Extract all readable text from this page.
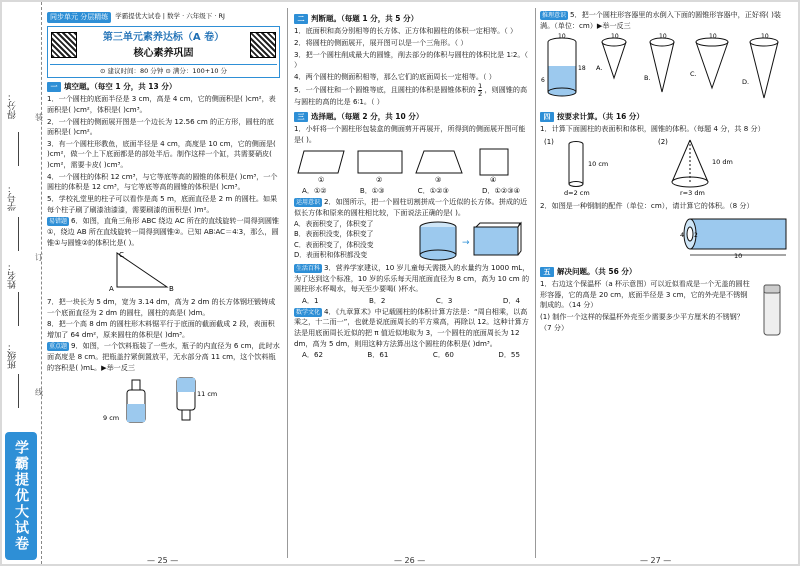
得分：
学号：
姓名：
班级：
装
订
线
学霸提优大试卷
同步单元 分层精练	学霸提优大试卷 | 数学 · 六年级下 · RJ
第三单元素养达标（A 卷）
核心素养巩固
⊙ 建议时间：80 分钟 ⊙ 满分：100+10 分
一 填空题。（每空 1 分，共 13 分）
1．一个圆柱的底面半径是 3 cm，高是 4 cm，它的侧面积是( )cm²，表面积是( )cm²，体积是( )cm³。
2．一个圆柱的侧面展开图是一个边长为 12.56 cm 的正方形，圆柱的底面积是( )cm²。
3．有一个圆柱形教鱼，底面半径是 4 cm，高度是 10 cm，它的侧面是( )cm²，做一个上下底面都是的部处半后。制作这样一个缸，共需要硝皮( )cm²，需要卡皮( )cm³。
4．一个圆柱的体积 12 cm³，与它等底等高的圆锥的体积是( )cm³，一个圆柱的体积是 12 cm³，与它等底等高的圆锥的体积是( )cm³。
5．学校礼堂里的柱子可以看作是高 5 m，底面直径是 2 m 的圆柱。如果每个柱子刷了刷漆油漆漆，需要刷漆的面积是( )m²。
易错题 6．如图，直角三角形 ABC 绕边 AC 所在的直线旋转一周得到圆锥①，绕边 AB 所在直线旋转一周得到圆锥②。已知 AB∶AC＝4∶3，那么，圆锥①与圆锥②的体积比是( )。
C
A	B
7．把一块长为 5 dm，宽为 3.14 dm，高为 2 dm 的长方体钢坯锻铸成一个底面直径为 2 dm 的圆柱，圆柱的高是( )dm。
8．把一个高 8 dm 的圆柱形木料锯平行于底面的截面截成 2 段，表面积增加了 64 dm²，原来圆柱的体积是( )dm³。
重点题 9．如图，一个饮料瓶装了一些水，瓶子的内直径为 6 cm，此时水面高度是 8 cm。把瓶盖拧紧倒置放平，无水部分高 11 cm，这个饮料瓶的容积是( )mL。▶举一反三
11 cm
9 cm
— 25 —
二 判断题。（每题 1 分，共 5 分）
1．底面积和高分别相等的长方体、正方体和圆柱的体积一定相等。（ ）
2．将圆柱的侧面展开，展开图可以是一个三角形。（ ）
3．把一个圆柱削成最大的圆锥，削去部分的体积与圆柱的体积比是 1∶2。（ ）
4．两个圆柱的侧面积相等，那么它们的底面周长一定相等。（ ）
5．一个圆柱和一个圆锥等底，且圆柱的体积是圆锥体积的 $\frac{1}{2}$ ，则圆锥的高与圆柱的高的比是 6∶1。（ ）
三 选择题。（每题 2 分，共 10 分）
1．小轩将一个圆柱形包装盒的侧面剪开再展开，所得到的侧面展开图可能是( )。
①	②	③	④
A．①②	B．①③	C．①②③	D．①②③④
运用意识 2．如图所示，把一个圆柱切割拼成一个近似的长方体。拼成的近似长方体和原来的圆柱相比较，下面说法正确的是( )。
A．表面积变了，体积变了
B．表面积没变，体积变了
C．表面积变了，体积没变
D．表面积和体积都没变
→
生活百科 3．营养学家建议，10 岁儿童每天需摄入的水量约为 1000 mL，为了达到这个标准，10 岁的乐乐每天用底面直径为 8 cm，高为 10 cm 的圆柱形水杯喝水，每天至少要喝( )杯水。
A．1	B．2	C．3	D．4
数学文化 4．《九章算术》中记载圆柱的体积计算方法是：“周自相乘，以高乘之，十二而一”，也就是说底面周长的平方乘高，再除以 12。这种计算方法是用底面周长近似的把 π 值近似地取为 3，一个圆柱的底面周长为 12 dm，高为 5 dm，则用这种方法算出这个圆柱的体积是( )dm³。
A．62	B．61	C．60	D．55
— 26 —
推理意识 5．把一个圆柱形容器里的水倒入下面的圆锥形容器中，正好将( )装满。（单位：cm）▶举一反三
10
18
6
A.
10
B.
10
C.
10
D.
10
四 按要求计算。（共 16 分）
1．计算下面圆柱的表面积和体积，圆锥的体积。（每题 4 分，共 8 分）
(1)
10 cm
d=2 cm
(2)
10 dm
r=3 dm
2．如图是一种钢制的配件（单位：cm），请计算它的体积。（8 分）
4 2
10
五 解决问题。（共 56 分）
1．右边这个保温杯（a 杯示意图）可以近似看成是一个无盖的圆柱形容器，它的高是 20 cm，底面半径是 3 cm，它的外壳是不锈钢制成的。（14 分）
(1) 制作一个这样的保温杯外壳至少需要多少平方厘米的不锈钢？（7 分）
— 27 —
